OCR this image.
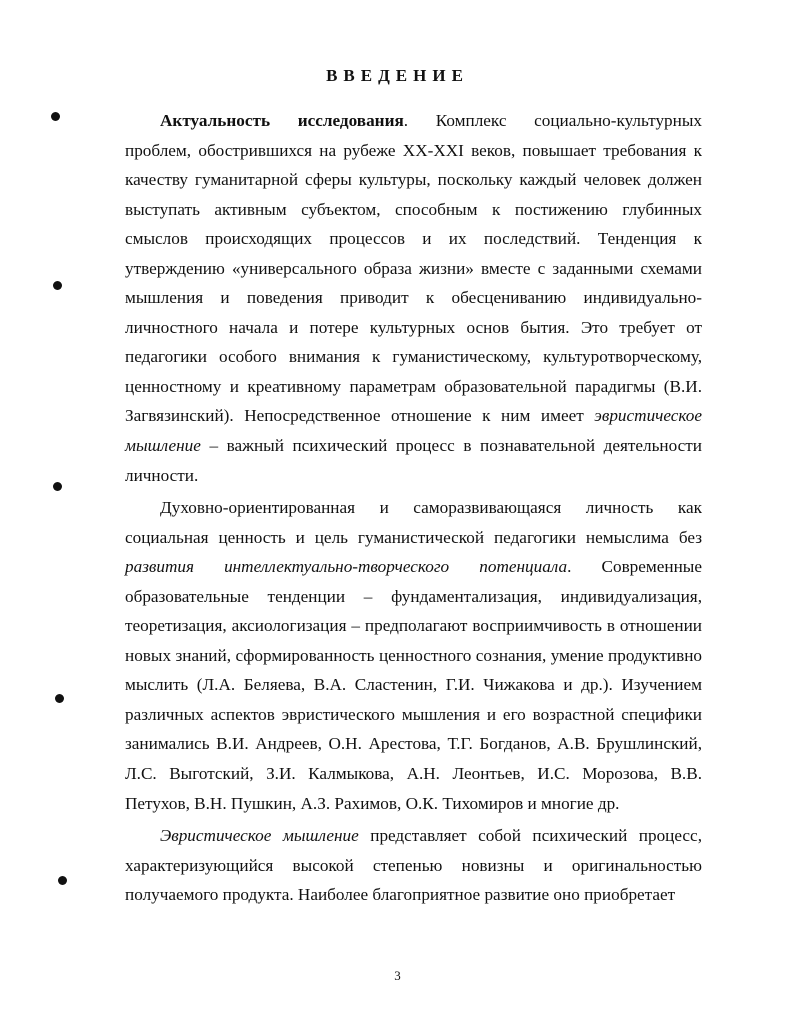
ВВЕДЕНИЕ

Актуальность исследования. Комплекс социально-культурных проблем, обострившихся на рубеже XX-XXI веков, повышает требования к качеству гуманитарной сферы культуры, поскольку каждый человек должен выступать активным субъектом, способным к постижению глубинных смыслов происходящих процессов и их последствий. Тенденция к утверждению «универсального образа жизни» вместе с заданными схемами мышления и поведения приводит к обесцениванию индивидуально-личностного начала и потере культурных основ бытия. Это требует от педагогики особого внимания к гуманистическому, культуротворческому, ценностному и креативному параметрам образовательной парадигмы (В.И. Загвязинский). Непосредственное отношение к ним имеет эвристическое мышление – важный психический процесс в познавательной деятельности личности.

Духовно-ориентированная и саморазвивающаяся личность как социальная ценность и цель гуманистической педагогики немыслима без развития интеллектуально-творческого потенциала. Современные образовательные тенденции – фундаментализация, индивидуализация, теоретизация, аксиологизация – предполагают восприимчивость в отношении новых знаний, сформированность ценностного сознания, умение продуктивно мыслить (Л.А. Беляева, В.А. Сластенин, Г.И. Чижакова и др.). Изучением различных аспектов эвристического мышления и его возрастной специфики занимались В.И. Андреев, О.Н. Арестова, Т.Г. Богданов, А.В. Брушлинский, Л.С. Выготский, З.И. Калмыкова, А.Н. Леонтьев, И.С. Морозова, В.В. Петухов, В.Н. Пушкин, А.З. Рахимов, О.К. Тихомиров и многие др.

Эвристическое мышление представляет собой психический процесс, характеризующийся высокой степенью новизны и оригинальностью получаемого продукта. Наиболее благоприятное развитие оно приобретает

3
